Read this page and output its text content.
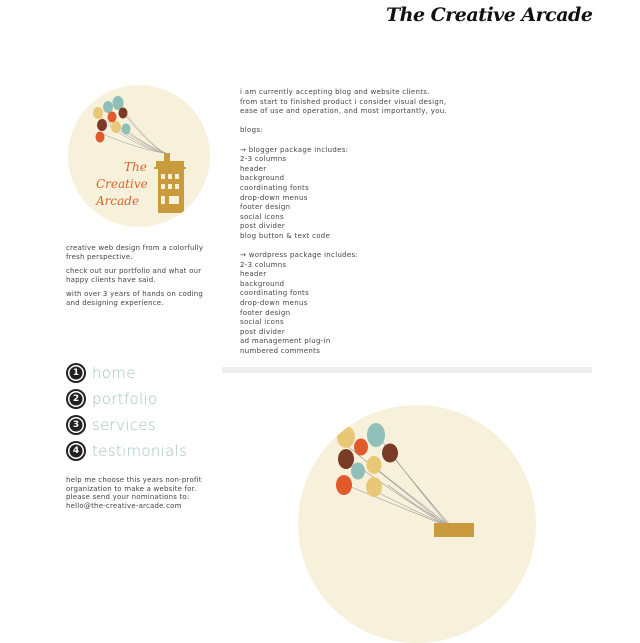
The Creative Arcade
The
Creative
Arcade

creative web design from a colorfully fresh perspective.

check out our portfolio and what our happy clients have said.

with over 3 years of hands on coding and designing experience.

1 home
2 portfolio
3 services
4 testimonials

help me choose this years non-profit organization to make a website for. please send your nominations to: hello@the-creative-arcade.com

i am currently accepting blog and website clients.
from start to finished product i consider visual design,
ease of use and operation, and most importantly, you.
blogs:
→ blogger package includes:
2-3 columns
header
background
coordinating fonts
drop-down menus
footer design
social icons
post divider
blog button & text code
→ wordpress package includes:
2-3 columns
header
background
coordinating fonts
drop-down menus
footer design
social icons
post divider
ad management plug-in
numbered comments
